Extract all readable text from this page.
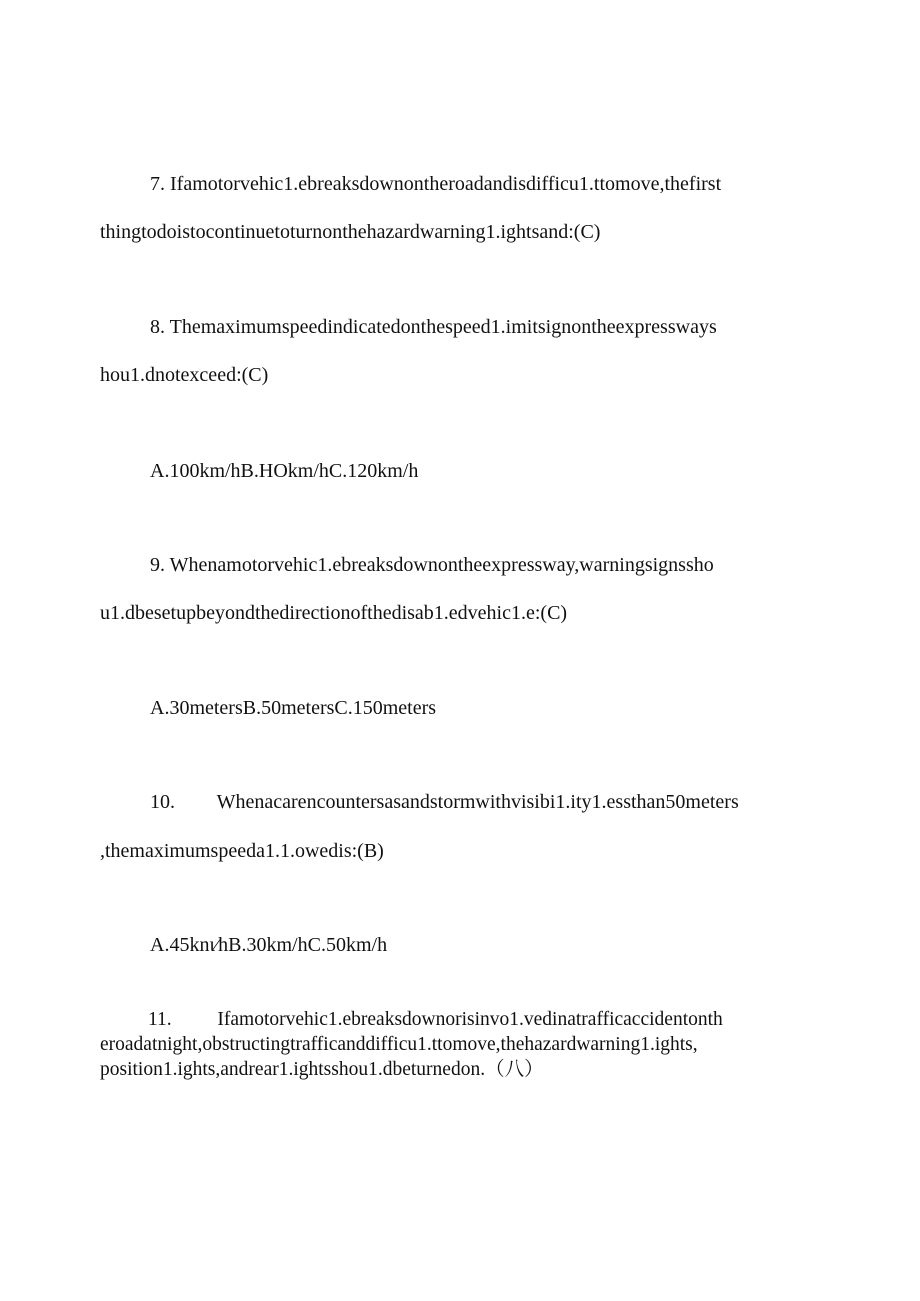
7. Ifamotorvehic1.ebreaksdownontheroadandisdifficu1.ttomove,thefirst
thingtodoistocontinuetoturnonthehazardwarning1.ightsand:(C)
8. Themaximumspeedindicatedonthespeed1.imitsignontheexpressways
hou1.dnotexceed:(C)
A.100km/hB.HOkm/hC.120km/h
9. Whenamotorvehic1.ebreaksdownontheexpressway,warningsignssho
u1.dbesetupbeyondthedirectionofthedisab1.edvehic1.e:(C)
A.30metersB.50metersC.150meters
10. Whenacarencountersasandstormwithvisibi1.ity1.essthan50meters
,themaximumspeeda1.1.owedis:(B)
A.45knι∕hB.30km/hC.50km/h
11. Ifamotorvehic1.ebreaksdownorisinvo1.vedinatrafficaccidentonth
eroadatnight,obstructingtrafficanddifficu1.ttomove,thehazardwarning1.ights,
position1.ights,andrear1.ightsshou1.dbeturnedon.（八）
